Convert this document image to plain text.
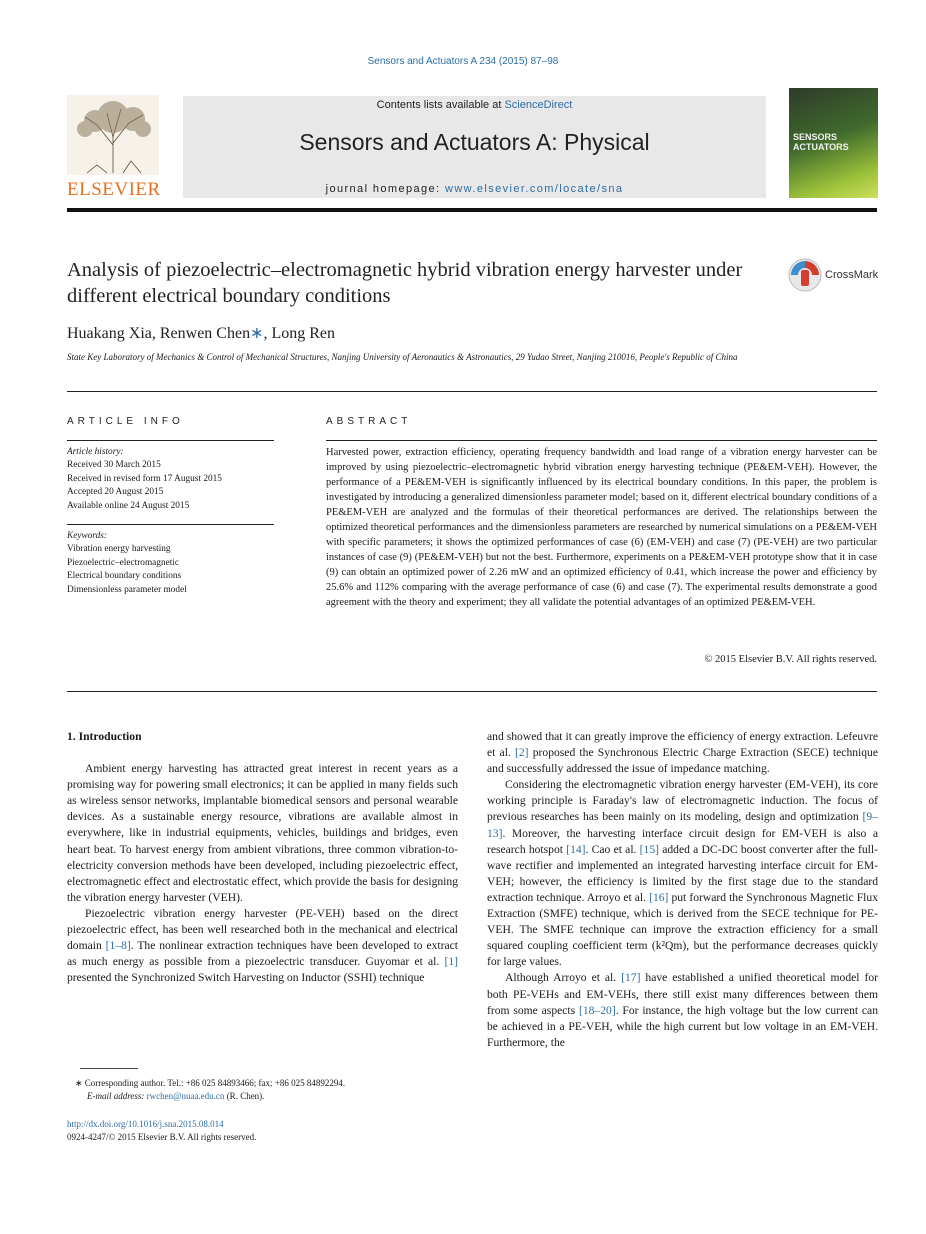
Sensors and Actuators A 234 (2015) 87–98
ELSEVIER
Contents lists available at ScienceDirect
Sensors and Actuators A: Physical
journal homepage: www.elsevier.com/locate/sna
SENSORS
ACTUATORS
Analysis of piezoelectric–electromagnetic hybrid vibration energy harvester under different electrical boundary conditions
CrossMark
Huakang Xia, Renwen Chen∗, Long Ren
State Key Laboratory of Mechanics & Control of Mechanical Structures, Nanjing University of Aeronautics & Astronautics, 29 Yudao Street, Nanjing 210016, People's Republic of China
ARTICLE INFO
Article history:
Received 30 March 2015
Received in revised form 17 August 2015
Accepted 20 August 2015
Available online 24 August 2015
Keywords:
Vibration energy harvesting
Piezoelectric–electromagnetic
Electrical boundary conditions
Dimensionless parameter model
ABSTRACT
Harvested power, extraction efficiency, operating frequency bandwidth and load range of a vibration energy harvester can be improved by using piezoelectric–electromagnetic hybrid vibration energy harvesting technique (PE&EM-VEH). However, the performance of a PE&EM-VEH is significantly influenced by its electrical boundary conditions. In this paper, the problem is investigated by introducing a generalized dimensionless parameter model; based on it, different electrical boundary conditions of a PE&EM-VEH are analyzed and the formulas of their theoretical performances are derived. The relationships between the optimized theoretical performances and the dimensionless parameters are researched by numerical simulations on a PE&EM-VEH with specific parameters; it shows the optimized performances of case (6) (EM-VEH) and case (7) (PE-VEH) are two particular instances of case (9) (PE&EM-VEH) but not the best. Furthermore, experiments on a PE&EM-VEH prototype show that it in case (9) can obtain an optimized power of 2.26 mW and an optimized efficiency of 0.41, which increase the power and efficiency by 25.6% and 112% comparing with the average performance of case (6) and case (7). The experimental results demonstrate a good agreement with the theory and experiment; they all validate the potential advantages of an optimized PE&EM-VEH.
© 2015 Elsevier B.V. All rights reserved.
1. Introduction

Ambient energy harvesting has attracted great interest in recent years as a promising way for powering small electronics; it can be applied in many fields such as wireless sensor networks, implantable biomedical sensors and personal wearable devices. As a sustainable energy resource, vibrations are available almost in everywhere, like in industrial equipments, vehicles, buildings and bridges, even heart beat. To harvest energy from ambient vibrations, three common vibration-to-electricity conversion methods have been developed, including piezoelectric effect, electromagnetic effect and electrostatic effect, which provide the basis for designing the vibration energy harvester (VEH).

Piezoelectric vibration energy harvester (PE-VEH) based on the direct piezoelectric effect, has been well researched both in the mechanical and electrical domain [1–8]. The nonlinear extraction techniques have been developed to extract as much energy as possible from a piezoelectric transducer. Guyomar et al. [1] presented the Synchronized Switch Harvesting on Inductor (SSHI) technique

and showed that it can greatly improve the efficiency of energy extraction. Lefeuvre et al. [2] proposed the Synchronous Electric Charge Extraction (SECE) technique and successfully addressed the issue of impedance matching.

Considering the electromagnetic vibration energy harvester (EM-VEH), its core working principle is Faraday's law of electromagnetic induction. The focus of previous researches has been mainly on its modeling, design and optimization [9–13]. Moreover, the harvesting interface circuit design for EM-VEH is also a research hotspot [14]. Cao et al. [15] added a DC-DC boost converter after the full-wave rectifier and implemented an integrated harvesting interface circuit for EM-VEH; however, the efficiency is limited by the first stage due to the standard extraction technique. Arroyo et al. [16] put forward the Synchronous Magnetic Flux Extraction (SMFE) technique, which is derived from the SECE technique for PE-VEH. The SMFE technique can improve the extraction efficiency for a small squared coupling coefficient term (k²Qm), but the performance decreases quickly for large values.

Although Arroyo et al. [17] have established a unified theoretical model for both PE-VEHs and EM-VEHs, there still exist many differences between them from some aspects [18–20]. For instance, the high voltage but the low current can be achieved in a PE-VEH, while the high current but low voltage in an EM-VEH. Furthermore, the

∗ Corresponding author. Tel.: +86 025 84893466; fax: +86 025 84892294.
E-mail address: rwchen@nuaa.edu.cn (R. Chen).
http://dx.doi.org/10.1016/j.sna.2015.08.014
0924-4247/© 2015 Elsevier B.V. All rights reserved.
